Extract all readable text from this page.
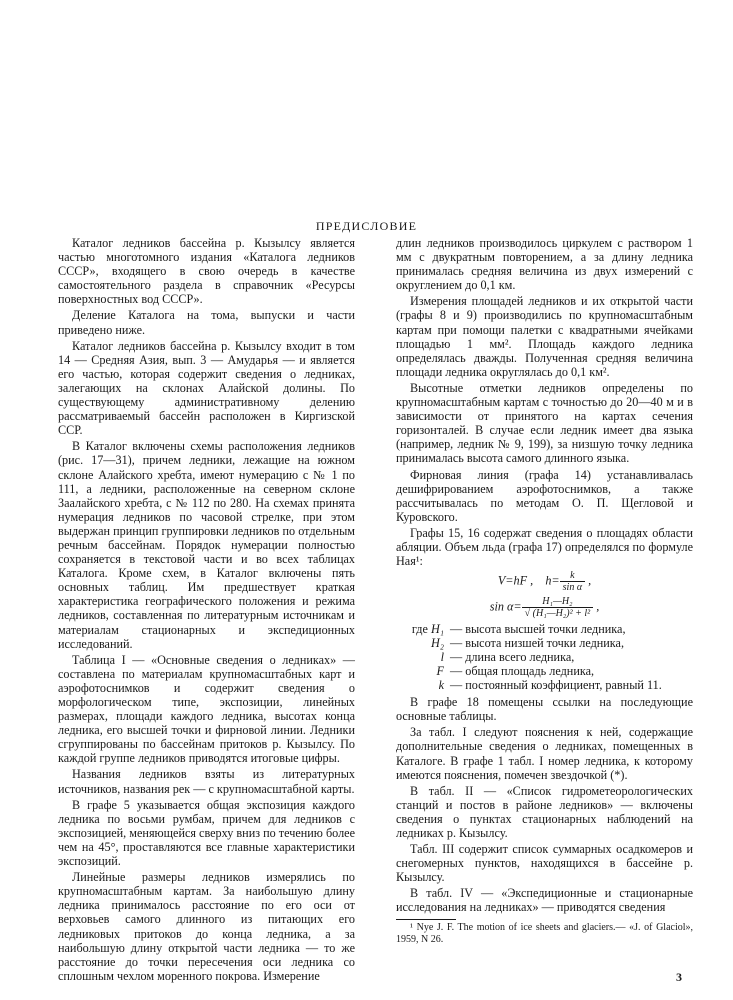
ПРЕДИСЛОВИЕ

Каталог ледников бассейна р. Кызылсу является частью многотомного издания «Каталога ледников СССР», входящего в свою очередь в качестве самостоятельного раздела в справочник «Ресурсы поверхностных вод СССР».

Деление Каталога на тома, выпуски и части приведено ниже.

Каталог ледников бассейна р. Кызылсу входит в том 14 — Средняя Азия, вып. 3 — Амударья — и является его частью, которая содержит сведения о ледниках, залегающих на склонах Алайской долины. По существующему административному делению рассматриваемый бассейн расположен в Киргизской ССР.

В Каталог включены схемы расположения ледников (рис. 17—31), причем ледники, лежащие на южном склоне Алайского хребта, имеют нумерацию с № 1 по 111, а ледники, расположенные на северном склоне Заалайского хребта, с № 112 по 280. На схемах принята нумерация ледников по часовой стрелке, при этом выдержан принцип группировки ледников по отдельным речным бассейнам. Порядок нумерации полностью сохраняется в текстовой части и во всех таблицах Каталога. Кроме схем, в Каталог включены пять основных таблиц. Им предшествует краткая характеристика географического положения и режима ледников, составленная по литературным источникам и материалам стационарных и экспедиционных исследований.

Таблица I — «Основные сведения о ледниках» — составлена по материалам крупномасштабных карт и аэрофотоснимков и содержит сведения о морфологическом типе, экспозиции, линейных размерах, площади каждого ледника, высотах конца ледника, его высшей точки и фирновой линии. Ледники сгруппированы по бассейнам притоков р. Кызылсу. По каждой группе ледников приводятся итоговые цифры.

Названия ледников взяты из литературных источников, названия рек — с крупномасштабной карты.

В графе 5 указывается общая экспозиция каждого ледника по восьми румбам, причем для ледников с экспозицией, меняющейся сверху вниз по течению более чем на 45°, проставляются все главные характеристики экспозиций.

Линейные размеры ледников измерялись по крупномасштабным картам. За наибольшую длину ледника принималось расстояние по его оси от верховьев самого длинного из питающих его ледниковых притоков до конца ледника, а за наибольшую длину открытой части ледника — то же расстояние до точки пересечения оси ледника со сплошным чехлом моренного покрова. Измерение

длин ледников производилось циркулем с раствором 1 мм с двукратным повторением, а за длину ледника принималась средняя величина из двух измерений с округлением до 0,1 км.

Измерения площадей ледников и их открытой части (графы 8 и 9) производились по крупномасштабным картам при помощи палетки с квадратными ячейками площадью 1 мм². Площадь каждого ледника определялась дважды. Полученная средняя величина площади ледника округлялась до 0,1 км².

Высотные отметки ледников определены по крупномасштабным картам с точностью до 20—40 м и в зависимости от принятого на картах сечения горизонталей. В случае если ледник имеет два языка (например, ледник № 9, 199), за низшую точку ледника принималась высота самого длинного языка.

Фирновая линия (графа 14) устанавливалась дешифрированием аэрофотоснимков, а также рассчитывалась по методам О. П. Щегловой и Куровского.

Графы 15, 16 содержат сведения о площадях области абляции. Объем льда (графа 17) определялся по формуле Ная¹:

V=hF , $h= \frac{k}{\text{sin α}}$ ,
$\sin \alpha= \frac{\text{H₁—H₂}}{\text{√ (H₁—H₂)² + l²}}$ ,
где H₁ — высота высшей точки ледника,
H₂ — высота низшей точки ледника,
l — длина всего ледника,
F — общая площадь ледника,
k — постоянный коэффициент, равный 11.

В графе 18 помещены ссылки на последующие основные таблицы.

За табл. I следуют пояснения к ней, содержащие дополнительные сведения о ледниках, помещенных в Каталоге. В графе 1 табл. I номер ледника, к которому имеются пояснения, помечен звездочкой (*).

В табл. II — «Список гидрометеорологических станций и постов в районе ледников» — включены сведения о пунктах стационарных наблюдений на ледниках р. Кызылсу.

Табл. III содержит список суммарных осадкомеров и снегомерных пунктов, находящихся в бассейне р. Кызылсу.

В табл. IV — «Экспедиционные и стационарные исследования на ледниках» — приводятся сведения

¹ Nye J. F. The motion of ice sheets and glaciers.— «J. of Glaciol», 1959, N 26.
3
